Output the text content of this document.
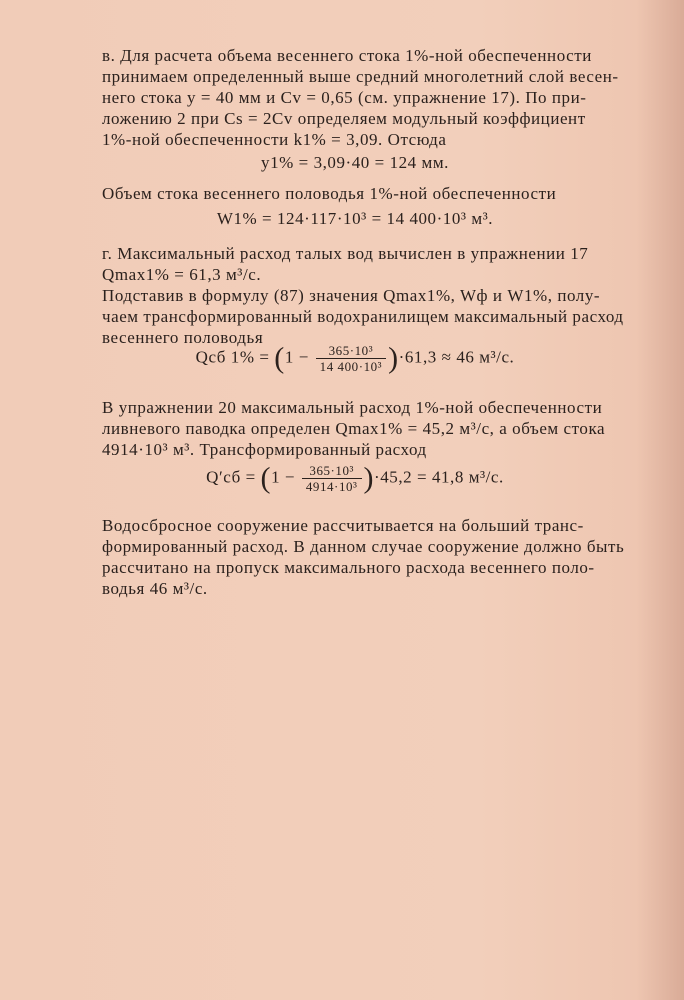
в. Для расчета объема весеннего стока 1%-ной обеспеченности

принимаем определенный выше средний многолетний слой весен-

него стока y = 40 мм и Cv = 0,65 (см. упражнение 17). По при-

ложению 2 при Cs = 2Cv определяем модульный коэффициент

1%-ной обеспеченности k1% = 3,09. Отсюда

y1% = 3,09·40 = 124 мм.

Объем стока весеннего половодья 1%-ной обеспеченности

W1% = 124·117·10³ = 14 400·10³ м³.

г. Максимальный расход талых вод вычислен в упражнении 17

Qmax1% = 61,3 м³/с.

Подставив в формулу (87) значения Qmax1%, Wф и W1%, полу-

чаем трансформированный водохранилищем максимальный расход

весеннего половодья

Qсб $1\% = (1 - \frac{\text{365·10³}}{\text{14 400·10³}} )\cdot 61,3 \approx 46$ м³/с.

В упражнении 20 максимальный расход 1%-ной обеспеченности

ливневого паводка определен Qmax1% = 45,2 м³/с, а объем стока

4914·10³ м³. Трансформированный расход

$Q'сб = (1 - \frac{\text{365·10³}}{\text{4914·10³}} )\cdot 45,2 = 41,8$ м³/с.

Водосбросное сооружение рассчитывается на больший транс-

формированный расход. В данном случае сооружение должно быть

рассчитано на пропуск максимального расхода весеннего поло-

водья 46 м³/с.
